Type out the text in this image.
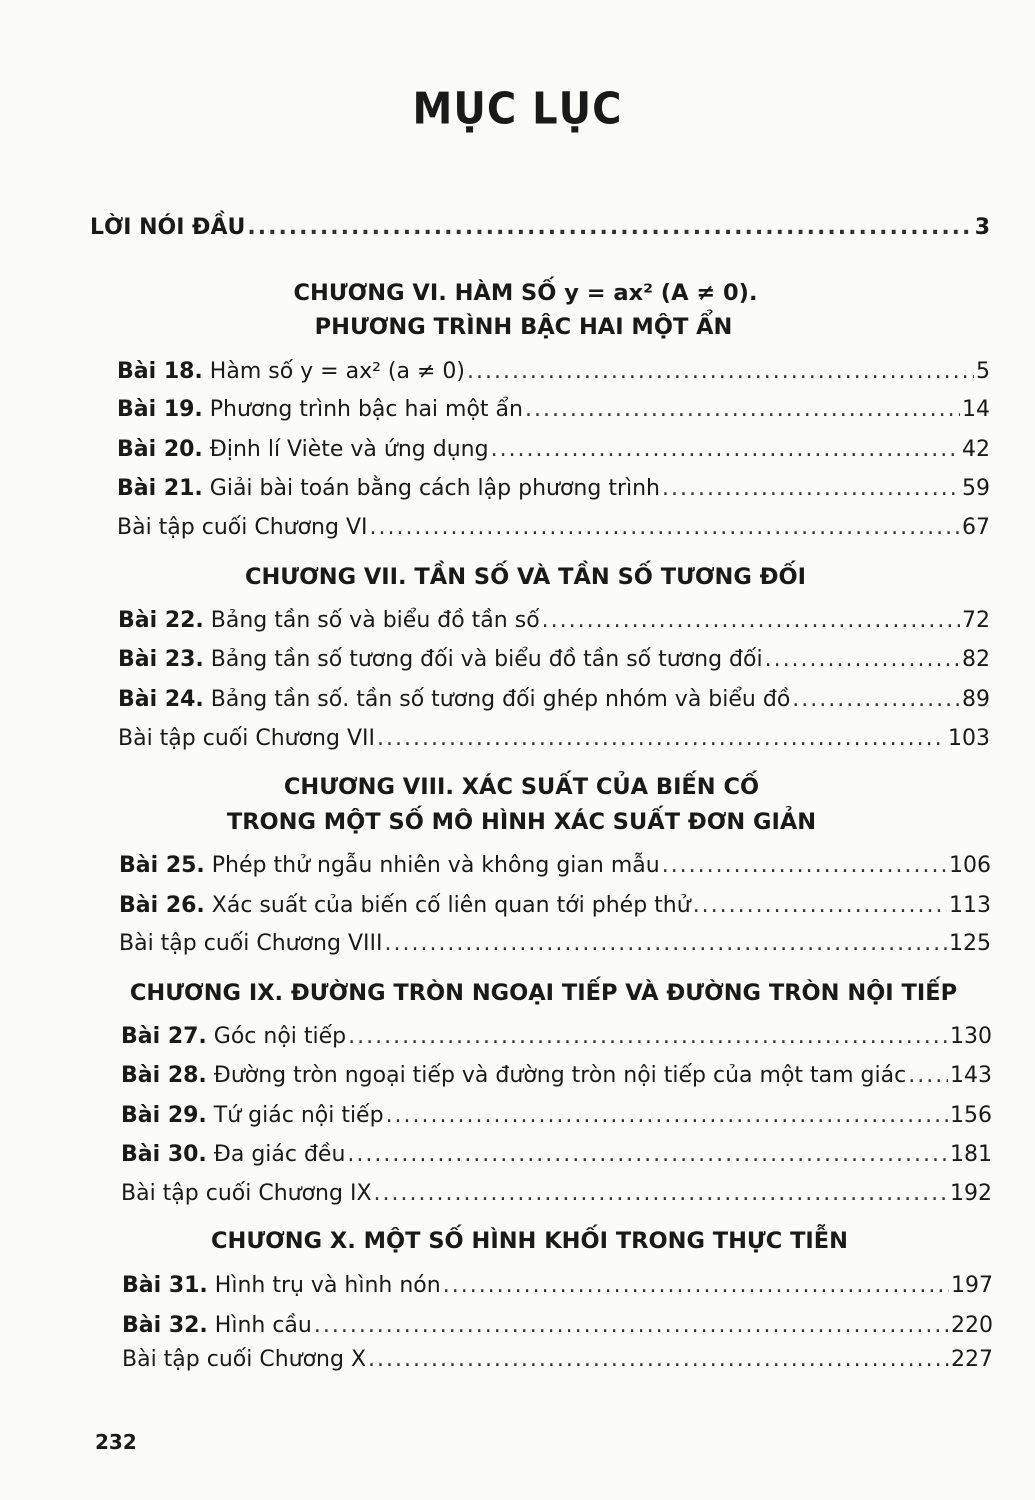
MỤC LỤC
LỜI NÓI ĐẦU .....	3
CHƯƠNG VI. HÀM SỐ y = ax² (A ≠ 0).
PHƯƠNG TRÌNH BẬC HAI MỘT ẨN
Bài 18. Hàm số y = ax² (a ≠ 0) .....	5
Bài 19. Phương trình bậc hai một ẩn .....	14
Bài 20. Định lí Viète và ứng dụng .....	42
Bài 21. Giải bài toán bằng cách lập phương trình .....	59
Bài tập cuối Chương VI .....	67
CHƯƠNG VII. TẦN SỐ VÀ TẦN SỐ TƯƠNG ĐỐI
Bài 22. Bảng tần số và biểu đồ tần số .....	72
Bài 23. Bảng tần số tương đối và biểu đồ tần số tương đối .....	82
Bài 24. Bảng tần số. tần số tương đối ghép nhóm và biểu đồ .....	89
Bài tập cuối Chương VII .....	103
CHƯƠNG VIII. XÁC SUẤT CỦA BIẾN CỐ
TRONG MỘT SỐ MÔ HÌNH XÁC SUẤT ĐƠN GIẢN
Bài 25. Phép thử ngẫu nhiên và không gian mẫu .....	106
Bài 26. Xác suất của biến cố liên quan tới phép thử .....	113
Bài tập cuối Chương VIII .....	125
CHƯƠNG IX. ĐƯỜNG TRÒN NGOẠI TIẾP VÀ ĐƯỜNG TRÒN NỘI TIẾP
Bài 27. Góc nội tiếp .....	130
Bài 28. Đường tròn ngoại tiếp và đường tròn nội tiếp của một tam giác ..... 143
Bài 29. Tứ giác nội tiếp .....	156
Bài 30. Đa giác đều .....	181
Bài tập cuối Chương IX .....	192
CHƯƠNG X. MỘT SỐ HÌNH KHỐI TRONG THỰC TIỄN
Bài 31. Hình trụ và hình nón .....	197
Bài 32. Hình cầu .....	220
Bài tập cuối Chương X .....	227
232
